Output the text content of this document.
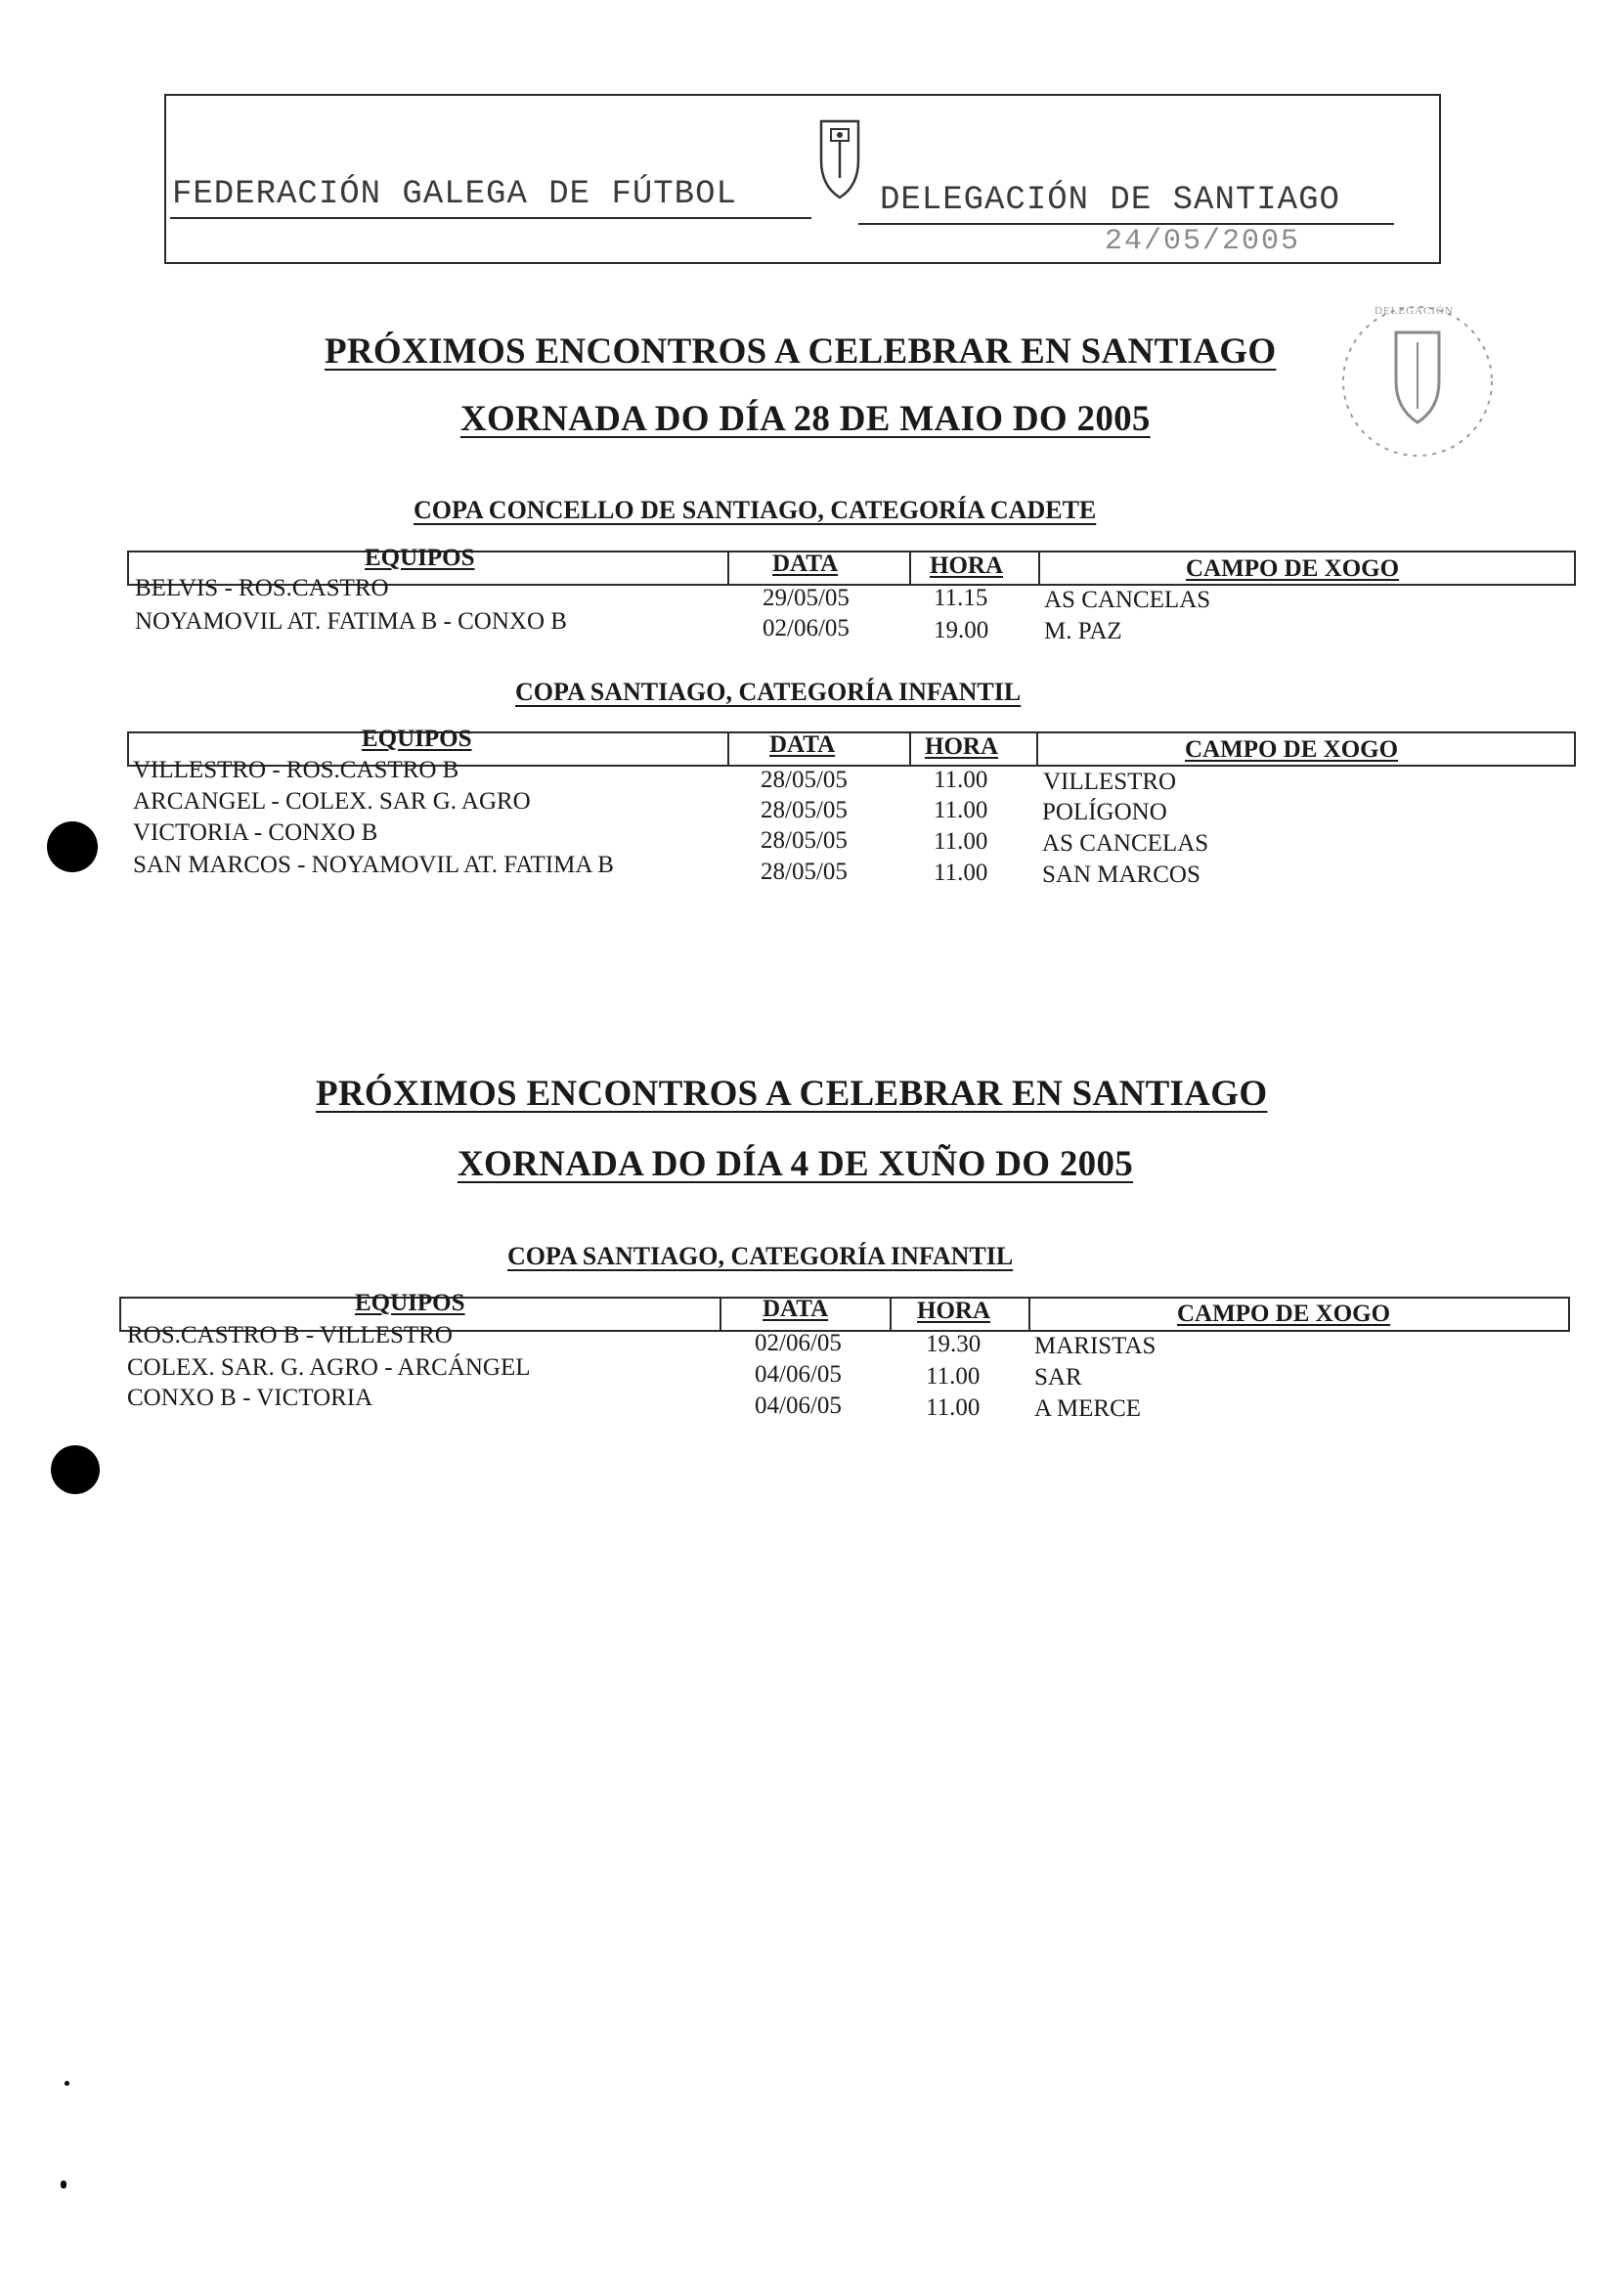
FEDERACIÓN GALEGA DE FÚTBOL	DELEGACIÓN DE SANTIAGO
24/05/2005
DELEGACIÓN
PRÓXIMOS ENCONTROS A CELEBRAR EN SANTIAGO
XORNADA DO DÍA 28 DE MAIO DO 2005
COPA CONCELLO DE SANTIAGO, CATEGORÍA CADETE
EQUIPOS	DATA	HORA	CAMPO DE XOGO
BELVIS - ROS.CASTRO	29/05/05	11.15 AS CANCELAS
NOYAMOVIL AT. FATIMA B - CONXO B	02/06/05	19.00 M. PAZ
COPA SANTIAGO, CATEGORÍA INFANTIL
EQUIPOS	DATA	HORA	CAMPO DE XOGO
VILLESTRO - ROS.CASTRO B	28/05/05	11.00 VILLESTRO
ARCANGEL - COLEX. SAR G. AGRO	28/05/05	11.00 POLÍGONO
VICTORIA - CONXO B	28/05/05	11.00 AS CANCELAS
SAN MARCOS - NOYAMOVIL AT. FATIMA B	28/05/05	11.00 SAN MARCOS
PRÓXIMOS ENCONTROS A CELEBRAR EN SANTIAGO
XORNADA DO DÍA 4 DE XUÑO DO 2005
COPA SANTIAGO, CATEGORÍA INFANTIL
EQUIPOS	DATA	HORA	CAMPO DE XOGO
ROS.CASTRO B - VILLESTRO	02/06/05	19.30 MARISTAS
COLEX. SAR. G. AGRO - ARCÁNGEL	04/06/05	11.00 SAR
CONXO B - VICTORIA	04/06/05	11.00 A MERCE
